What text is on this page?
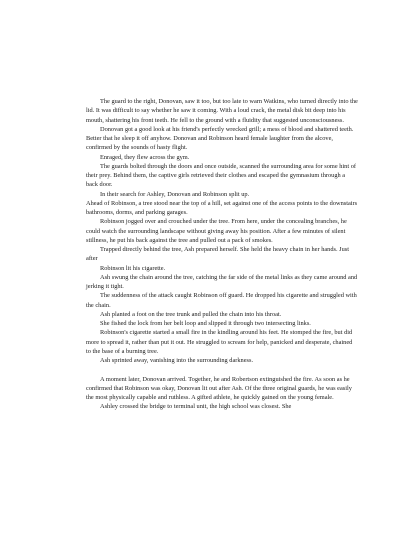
The guard to the right, Donovan, saw it too, but too late to warn Watkins, who turned directly into the lid. It was difficult to say whether he saw it coming. With a loud crack, the metal disk bit deep into his mouth, shattering his front teeth. He fell to the ground with a fluidity that suggested unconsciousness.

Donovan got a good look at his friend's perfectly wrecked grill; a mess of blood and shattered teeth. Better that he sleep it off anyhow. Donovan and Robinson heard female laughter from the alcove, confirmed by the sounds of hasty flight.

Enraged, they flew across the gym.

The guards bolted through the doors and once outside, scanned the surrounding area for some hint of their prey. Behind them, the captive girls retrieved their clothes and escaped the gymnasium through a back door.

In their search for Ashley, Donovan and Robinson split up.

Ahead of Robinson, a tree stood near the top of a hill, set against one of the access points to the downstairs bathrooms, dorms, and parking garages.

Robinson jogged over and crouched under the tree. From here, under the concealing branches, he could watch the surrounding landscape without giving away his position. After a few minutes of silent stillness, he put his back against the tree and pulled out a pack of smokes.

Trapped directly behind the tree, Ash prepared herself. She held the heavy chain in her hands. Just after

Robinson lit his cigarette.

Ash swung the chain around the tree, catching the far side of the metal links as they came around and jerking it tight.

The suddenness of the attack caught Robinson off guard. He dropped his cigarette and struggled with the chain.

Ash planted a foot on the tree trunk and pulled the chain into his throat.

She fished the lock from her belt loop and slipped it through two intersecting links.

Robinson's cigarette started a small fire in the kindling around his feet. He stomped the fire, but did more to spread it, rather than put it out. He struggled to scream for help, panicked and desperate, chained to the base of a burning tree.

Ash sprinted away, vanishing into the surrounding darkness.

A moment later, Donovan arrived. Together, he and Robertson extinguished the fire. As soon as he confirmed that Robinson was okay, Donovan lit out after Ash. Of the three original guards, he was easily the most physically capable and ruthless. A gifted athlete, he quickly gained on the young female.

Ashley crossed the bridge to terminal unit, the high school was closest. She
